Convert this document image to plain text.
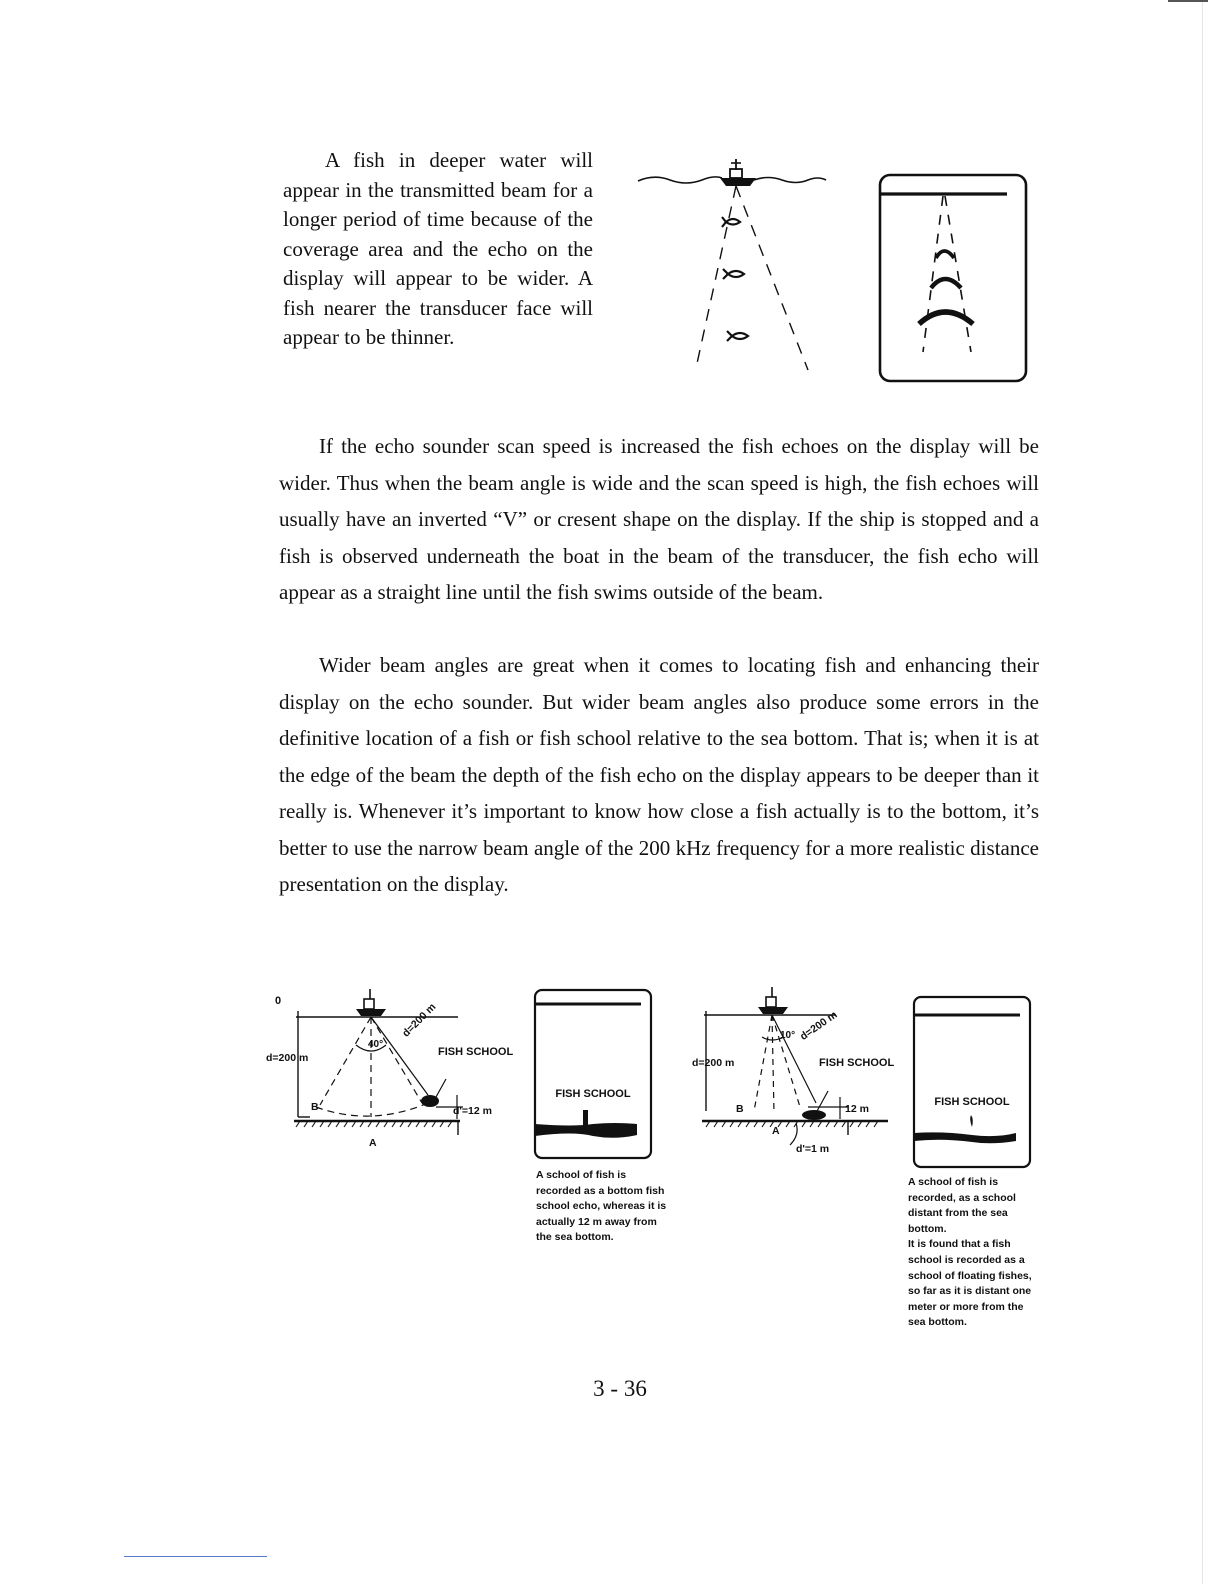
A fish in deeper water will appear in the transmitted beam for a longer period of time because of the coverage area and the echo on the display will appear to be wider. A fish nearer the transducer face will appear to be thinner.

If the echo sounder scan speed is increased the fish echoes on the display will be wider. Thus when the beam angle is wide and the scan speed is high, the fish echoes will usually have an inverted “V” or cresent shape on the display. If the ship is stopped and a fish is observed underneath the boat in the beam of the transducer, the fish echo will appear as a straight line until the fish swims outside of the beam.

Wider beam angles are great when it comes to locating fish and enhancing their display on the echo sounder. But wider beam angles also produce some errors in the definitive location of a fish or fish school relative to the sea bottom. That is; when it is at the edge of the beam the depth of the fish echo on the display appears to be deeper than it really is. Whenever it’s important to know how close a fish actually is to the bottom, it’s better to use the narrow beam angle of the 200 kHz frequency for a more realistic distance presentation on the display.

0
d=200 m
40°
d=200 m
FISH SCHOOL
B	d'=12 m
A
FISH SCHOOL
A school of fish is recorded as a bottom fish school echo, whereas it is actually 12 m away from the sea bottom.
d=200 m
10° d=200 m
FISH SCHOOL
B	12 m
A
d'=1 m
FISH SCHOOL
A school of fish is recorded, as a school distant from the sea bottom.
It is found that a fish school is recorded as a school of floating fishes, so far as it is distant one meter or more from the sea bottom.
3 - 36
